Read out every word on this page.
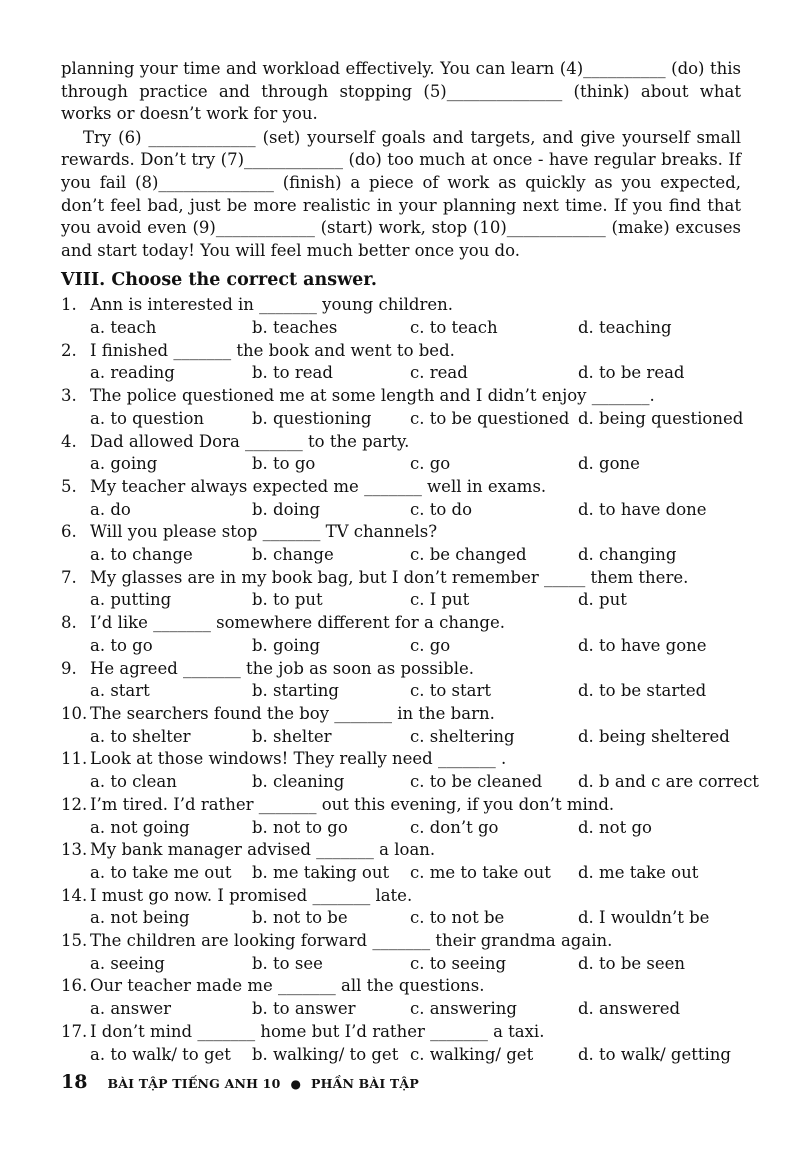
planning your time and workload effectively. You can learn (4)__________ (do) this through practice and through stopping (5)______________ (think) about what works or doesn’t work for you.

Try (6) _____________ (set) yourself goals and targets, and give yourself small rewards. Don’t try (7)____________ (do) too much at once - have regular breaks. If you fail (8)______________ (finish) a piece of work as quickly as you expected, don’t feel bad, just be more realistic in your planning next time. If you find that you avoid even (9)____________ (start) work, stop (10)____________ (make) excuses and start today! You will feel much better once you do.

VIII. Choose the correct answer.
1. Ann is interested in _______ young children.
a. teach	b. teaches	c. to teach	d. teaching
2. I finished _______ the book and went to bed.
a. reading	b. to read	c. read	d. to be read
3. The police questioned me at some length and I didn’t enjoy _______.
a. to question	b. questioning	c. to be questioned d. being questioned
4. Dad allowed Dora _______ to the party.
a. going	b. to go	c. go	d. gone
5. My teacher always expected me _______ well in exams.
a. do	b. doing	c. to do	d. to have done
6. Will you please stop _______ TV channels?
a. to change	b. change	c. be changed	d. changing
7. My glasses are in my book bag, but I don’t remember _____ them there.
a. putting	b. to put	c. I put	d. put
8. I’d like _______ somewhere different for a change.
a. to go	b. going	c. go	d. to have gone
9. He agreed _______ the job as soon as possible.
a. start	b. starting	c. to start	d. to be started
10. The searchers found the boy _______ in the barn.
a. to shelter	b. shelter	c. sheltering	d. being sheltered
11. Look at those windows! They really need _______ .
a. to clean	b. cleaning	c. to be cleaned	d. b and c are correct
12. I’m tired. I’d rather _______ out this evening, if you don’t mind.
a. not going	b. not to go	c. don’t go	d. not go
13. My bank manager advised _______ a loan.
a. to take me out	b. me taking out	c. me to take out	d. me take out
14. I must go now. I promised _______ late.
a. not being	b. not to be	c. to not be	d. I wouldn’t be
15. The children are looking forward _______ their grandma again.
a. seeing	b. to see	c. to seeing	d. to be seen
16. Our teacher made me _______ all the questions.
a. answer	b. to answer	c. answering	d. answered
17. I don’t mind _______ home but I’d rather _______ a taxi.
a. to walk/ to get	b. walking/ to get c. walking/ get	d. to walk/ getting
18 BÀI TẬP TIẾNG ANH 10 ● PHẦN BÀI TẬP
